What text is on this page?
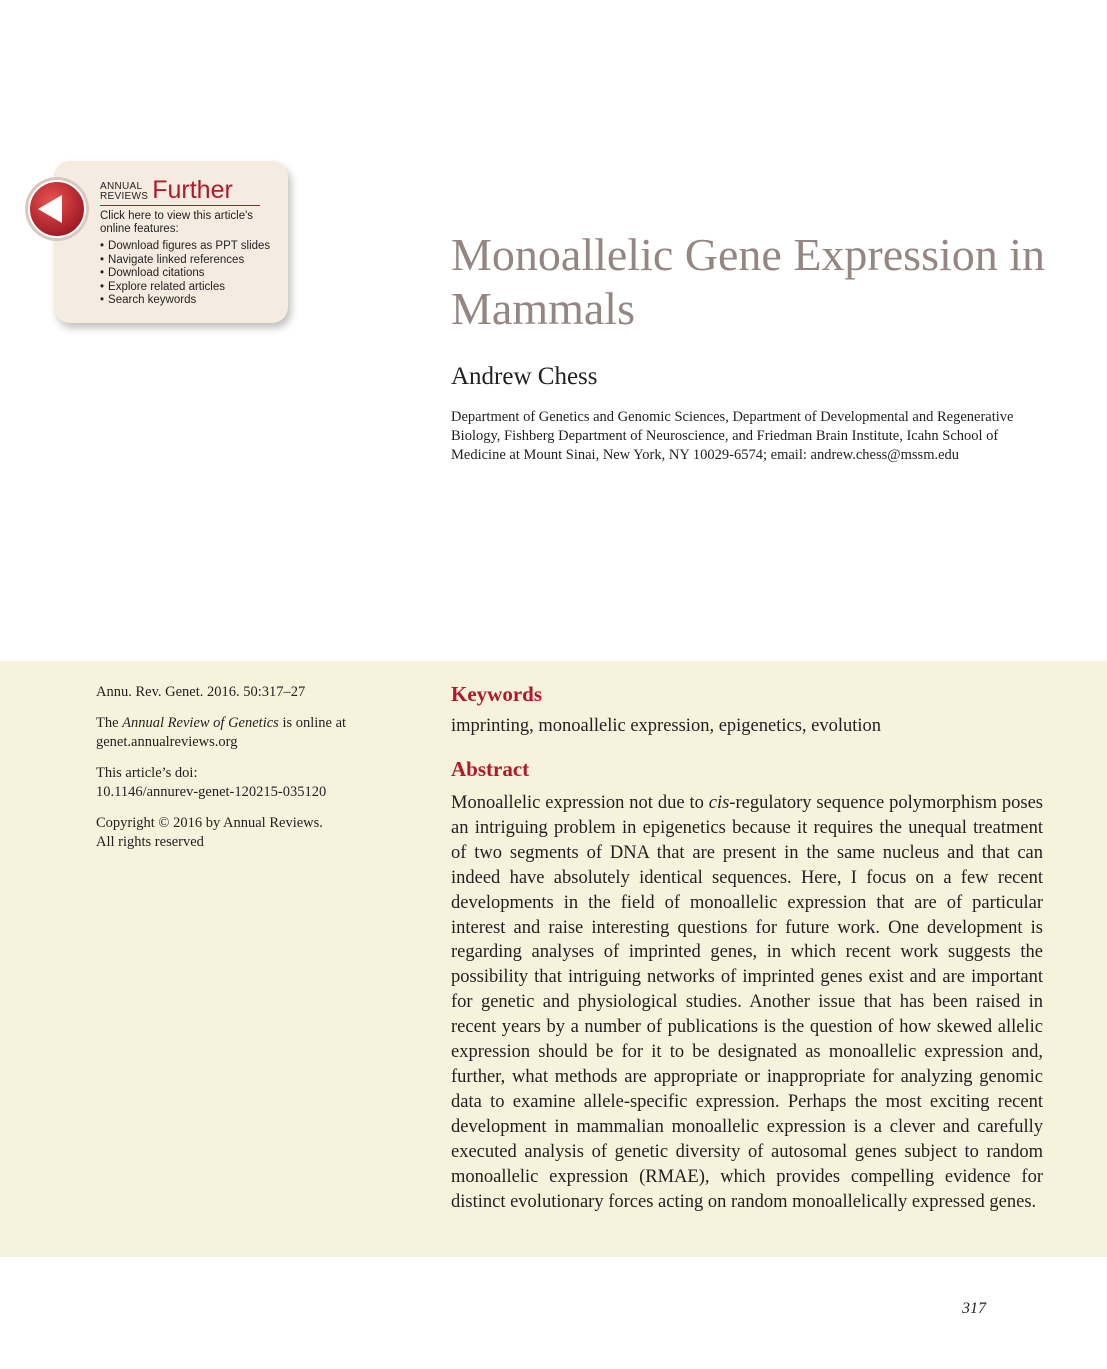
ANNUAL
REVIEWS Further
Click here to view this article's online features:
• Download figures as PPT slides
• Navigate linked references
• Download citations
• Explore related articles
• Search keywords
Monoallelic Gene Expression in Mammals
Andrew Chess
Department of Genetics and Genomic Sciences, Department of Developmental and Regenerative Biology, Fishberg Department of Neuroscience, and Friedman Brain Institute, Icahn School of Medicine at Mount Sinai, New York, NY 10029-6574; email: andrew.chess@mssm.edu

Annu. Rev. Genet. 2016. 50:317–27

The Annual Review of Genetics is online at genet.annualreviews.org

This article’s doi:
10.1146/annurev-genet-120215-035120

Copyright © 2016 by Annual Reviews.
All rights reserved

Keywords
imprinting, monoallelic expression, epigenetics, evolution
Abstract

Monoallelic expression not due to cis-regulatory sequence polymorphism poses an intriguing problem in epigenetics because it requires the unequal treatment of two segments of DNA that are present in the same nucleus and that can indeed have absolutely identical sequences. Here, I focus on a few recent developments in the field of monoallelic expression that are of particular interest and raise interesting questions for future work. One development is regarding analyses of imprinted genes, in which recent work suggests the possibility that intriguing networks of imprinted genes exist and are important for genetic and physiological studies. Another issue that has been raised in recent years by a number of publications is the question of how skewed allelic expression should be for it to be designated as monoallelic expression and, further, what methods are appropriate or inappropriate for analyzing genomic data to examine allele-specific expression. Perhaps the most exciting recent development in mammalian monoallelic expression is a clever and carefully executed analysis of genetic diversity of autosomal genes subject to random monoallelic expression (RMAE), which provides compelling evidence for distinct evolutionary forces acting on random monoallelically expressed genes.

317
